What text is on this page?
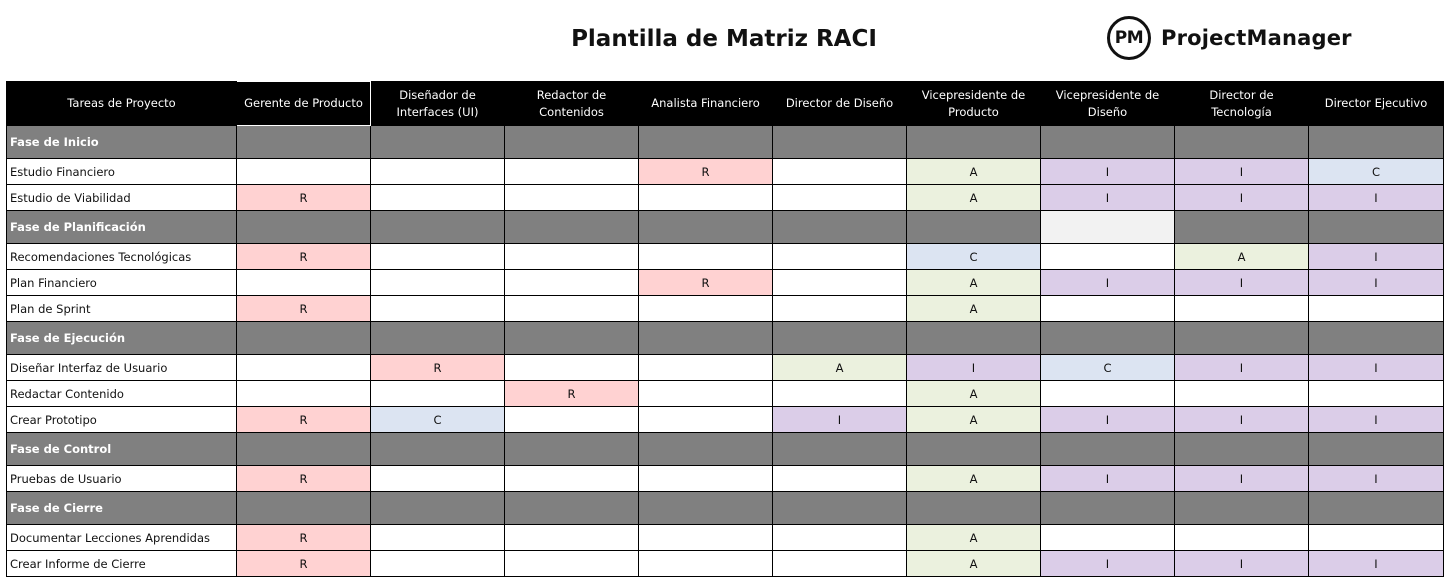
Plantilla de Matriz RACI	PM ProjectManager
Tareas de Proyecto	Gerente de Producto	Diseñador de Interfaces (UI)	Redactor de Contenidos	Analista Financiero	Director de Diseño	Vicepresidente de Producto	Vicepresidente de Diseño	Director de Tecnología	Director Ejecutivo
Fase de Inicio									
Estudio Financiero				R		A	I	I	C
Estudio de Viabilidad	R					A	I	I	I
Fase de Planificación									
Recomendaciones Tecnológicas	R					C		A	I
Plan Financiero				R		A	I	I	I
Plan de Sprint	R					A			
Fase de Ejecución									
Diseñar Interfaz de Usuario		R			A	I	C	I	I
Redactar Contenido			R			A			
Crear Prototipo	R	C			I	A	I	I	I
Fase de Control									
Pruebas de Usuario	R					A	I	I	I
Fase de Cierre									
Documentar Lecciones Aprendidas	R					A			
Crear Informe de Cierre	R					A	I	I	I
